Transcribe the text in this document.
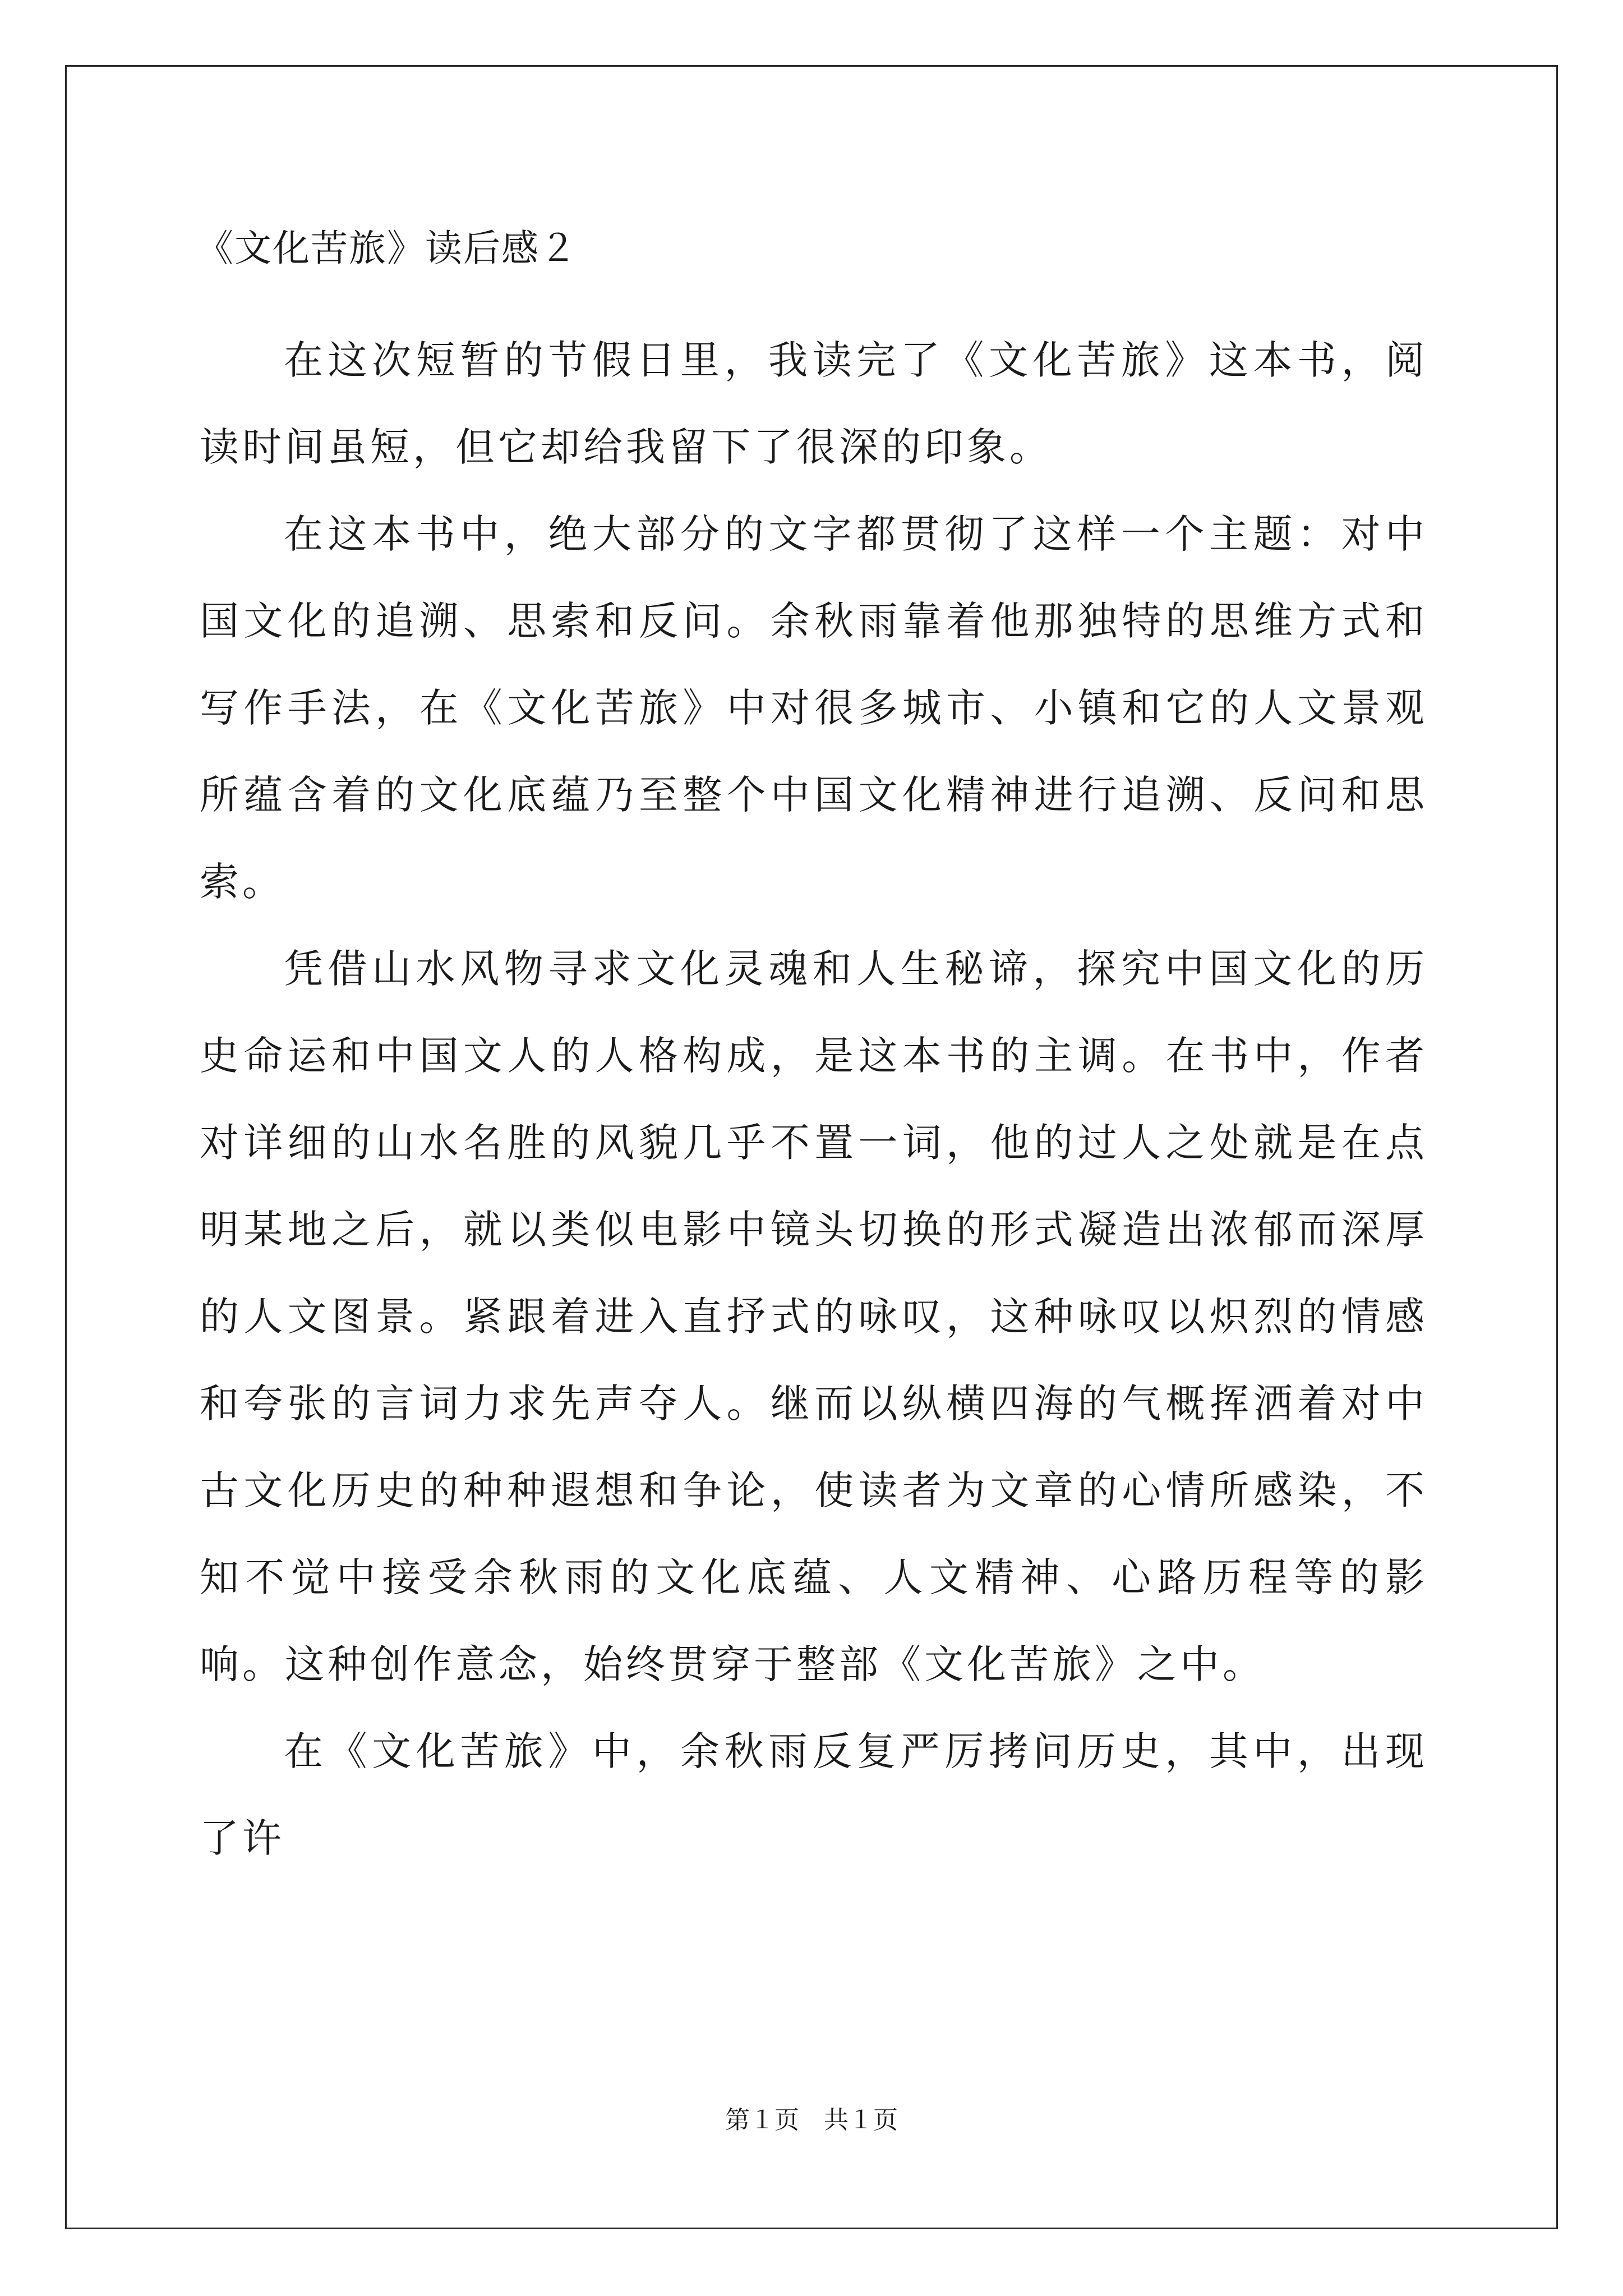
《文化苦旅》读后感２

在这次短暂的节假日里，我读完了《文化苦旅》这本书，阅读时间虽短，但它却给我留下了很深的印象。

在这本书中，绝大部分的文字都贯彻了这样一个主题：对中国文化的追溯、思索和反问。余秋雨靠着他那独特的思维方式和写作手法，在《文化苦旅》中对很多城市、小镇和它的人文景观所蕴含着的文化底蕴乃至整个中国文化精神进行追溯、反问和思索。

凭借山水风物寻求文化灵魂和人生秘谛，探究中国文化的历史命运和中国文人的人格构成，是这本书的主调。在书中，作者对详细的山水名胜的风貌几乎不置一词，他的过人之处就是在点明某地之后，就以类似电影中镜头切换的形式凝造出浓郁而深厚的人文图景。紧跟着进入直抒式的咏叹，这种咏叹以炽烈的情感和夸张的言词力求先声夺人。继而以纵横四海的气概挥洒着对中古文化历史的种种遐想和争论，使读者为文章的心情所感染，不知不觉中接受余秋雨的文化底蕴、人文精神、心路历程等的影响。这种创作意念，始终贯穿于整部《文化苦旅》之中。

在《文化苦旅》中，余秋雨反复严厉拷问历史，其中，出现了许

第１页　共１页
